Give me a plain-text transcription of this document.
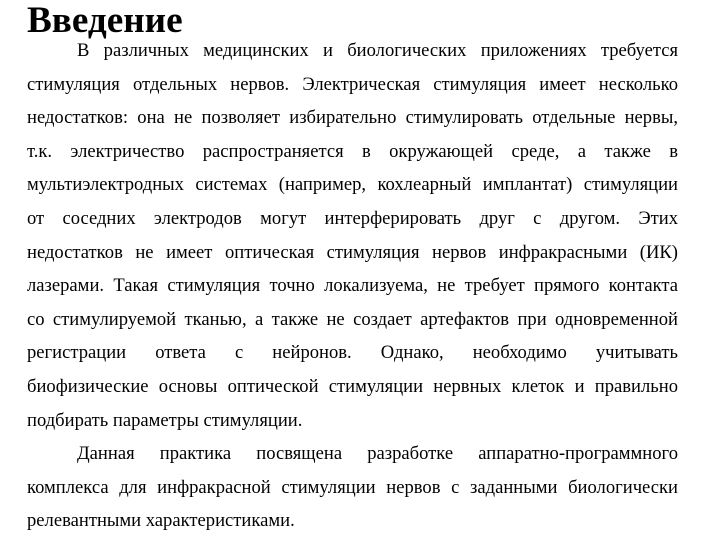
Введение

В различных медицинских и биологических приложениях требуется
стимуляция отдельных нервов. Электрическая стимуляция имеет несколько
недостатков: она не позволяет избирательно стимулировать отдельные нервы,
т.к. электричество распространяется в окружающей среде, а также в
мультиэлектродных системах (например, кохлеарный имплантат) стимуляции
от соседних электродов могут интерферировать друг с другом. Этих
недостатков не имеет оптическая стимуляция нервов инфракрасными (ИК)
лазерами. Такая стимуляция точно локализуема, не требует прямого контакта
со стимулируемой тканью, а также не создает артефактов при одновременной
регистрации ответа с нейронов. Однако, необходимо учитывать
биофизические основы оптической стимуляции нервных клеток и правильно
подбирать параметры стимуляции.

Данная практика посвящена разработке аппаратно-программного
комплекса для инфракрасной стимуляции нервов с заданными биологически
релевантными характеристиками.
